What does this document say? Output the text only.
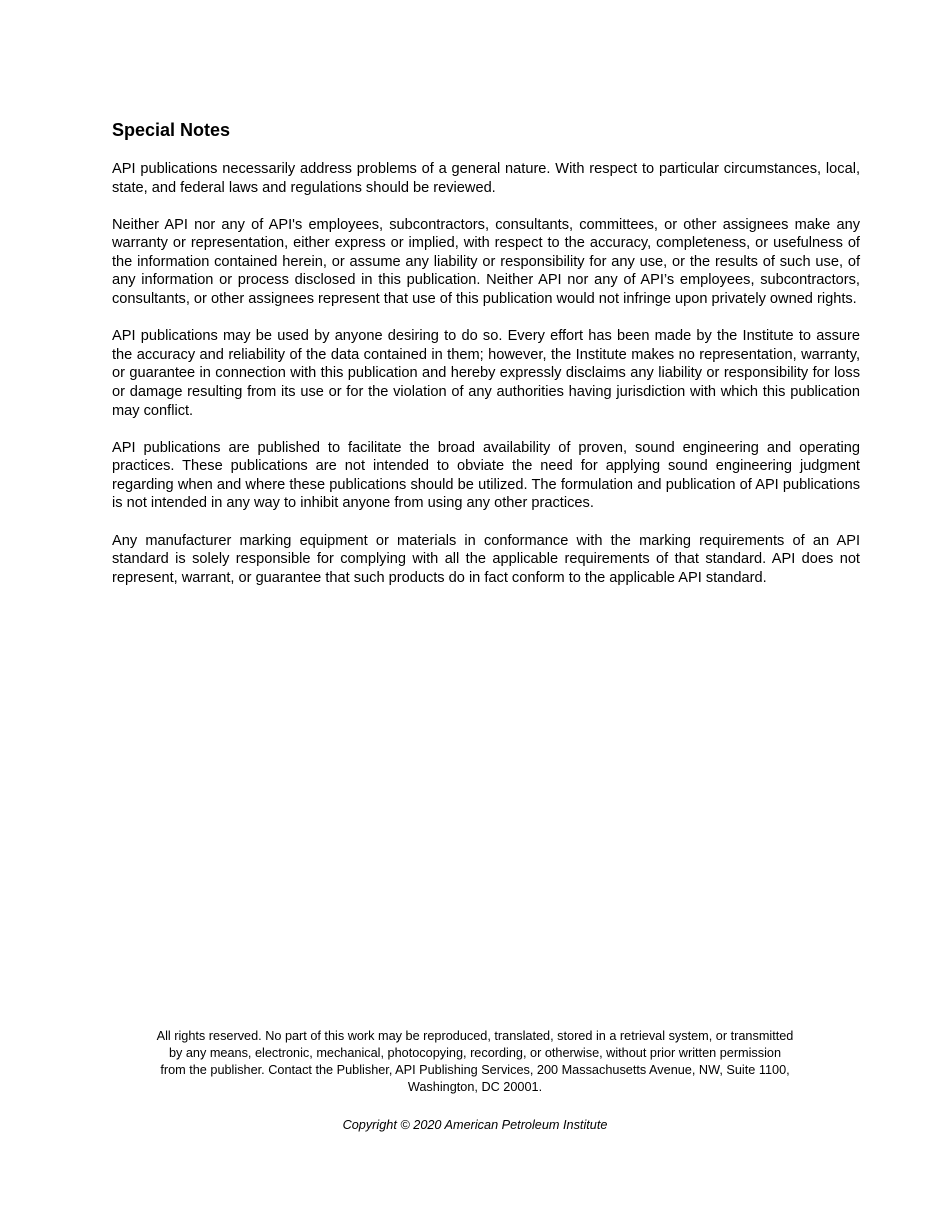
Special Notes

API publications necessarily address problems of a general nature. With respect to particular circumstances, local, state, and federal laws and regulations should be reviewed.

Neither API nor any of API's employees, subcontractors, consultants, committees, or other assignees make any warranty or representation, either express or implied, with respect to the accuracy, completeness, or usefulness of the information contained herein, or assume any liability or responsibility for any use, or the results of such use, of any information or process disclosed in this publication. Neither API nor any of API’s employees, subcontractors, consultants, or other assignees represent that use of this publication would not infringe upon privately owned rights.

API publications may be used by anyone desiring to do so. Every effort has been made by the Institute to assure the accuracy and reliability of the data contained in them; however, the Institute makes no representation, warranty, or guarantee in connection with this publication and hereby expressly disclaims any liability or responsibility for loss or damage resulting from its use or for the violation of any authorities having jurisdiction with which this publication may conflict.

API publications are published to facilitate the broad availability of proven, sound engineering and operating practices. These publications are not intended to obviate the need for applying sound engineering judgment regarding when and where these publications should be utilized. The formulation and publication of API publications is not intended in any way to inhibit anyone from using any other practices.

Any manufacturer marking equipment or materials in conformance with the marking requirements of an API standard is solely responsible for complying with all the applicable requirements of that standard. API does not represent, warrant, or guarantee that such products do in fact conform to the applicable API standard.

All rights reserved. No part of this work may be reproduced, translated, stored in a retrieval system, or transmitted
by any means, electronic, mechanical, photocopying, recording, or otherwise, without prior written permission
from the publisher. Contact the Publisher, API Publishing Services, 200 Massachusetts Avenue, NW, Suite 1100,
Washington, DC 20001.

Copyright © 2020 American Petroleum Institute
